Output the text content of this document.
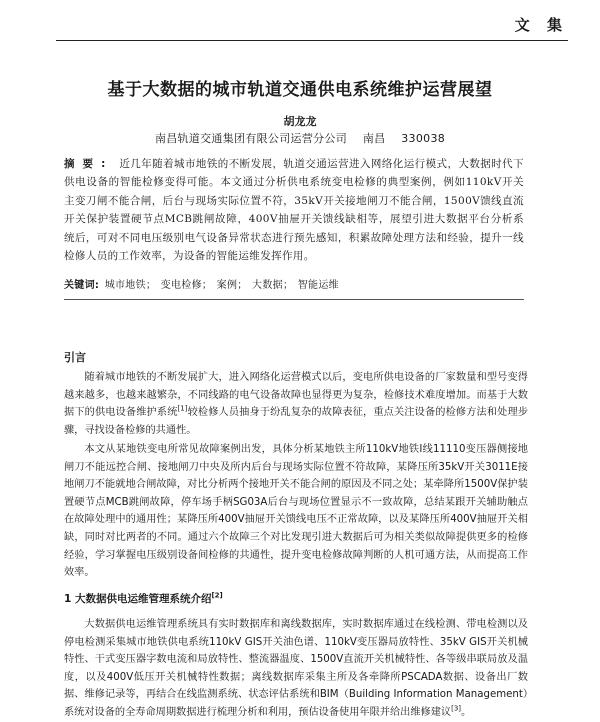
文 集
基于大数据的城市轨道交通供电系统维护运营展望
胡龙龙
南昌轨道交通集团有限公司运营分公司 南昌 330038
摘要: 近几年随着城市地铁的不断发展，轨道交通运营进入网络化运行模式，大数据时代下供电设备的智能检修变得可能。本文通过分析供电系统变电检修的典型案例，例如110kV开关主变刀闸不能合闸，后台与现场实际位置不符，35kV开关接地闸刀不能合闸，1500V馈线直流开关保护装置硬节点MCB跳闸故障，400V抽屉开关馈线缺相等，展望引进大数据平台分析系统后，可对不同电压级别电气设备异常状态进行预先感知，积累故障处理方法和经验，提升一线检修人员的工作效率，为设备的智能运维发挥作用。
关键词: 城市地铁； 变电检修； 案例； 大数据； 智能运维
引言
随着城市地铁的不断发展扩大，进入网络化运营模式以后，变电所供电设备的厂家数量和型号变得越来越多，也越来越繁杂，不同线路的电气设备故障也显得更为复杂，检修技术难度增加。而基于大数据下的供电设备维护系统[1]较检修人员抽身于纷乱复杂的故障表征，重点关注设备的检修方法和处理步骤，寻找设备检修的共通性。
本文从某地铁变电所常见故障案例出发，具体分析某地铁主所110kV地铁Ⅰ线11110变压器侧接地闸刀不能远控合闸、接地闸刀中央及所内后台与现场实际位置不符故障，某降压所35kV开关3011E接地闸刀不能就地合闸故障，对比分析两个接地开关不能合闸的原因及不同之处；某牵降所1500V保护装置硬节点MCB跳闸故障，停车场手柄SG03A后台与现场位置显示不一致故障，总结某跟开关辅助触点在故障处理中的通用性；某降压所400V抽屉开关馈线电压不正常故障，以及某降压所400V抽屉开关相缺，同时对比两者的不同。通过六个故障三个对比发现引进大数据后可为相关类似故障提供更多的检修经验，学习掌握电压级别设备间检修的共通性，提升变电检修故障判断的人机可通方法，从而提高工作效率。
1 大数据供电运维管理系统介绍[2]
大数据供电运维管理系统具有实时数据库和离线数据库，实时数据库通过在线检测、带电检测以及停电检测采集城市地铁供电系统110kV GIS开关油色谱、110kV变压器局放特性、35kV GIS开关机械特性、干式变压器字数电流和局放特性、整流器温度、1500V直流开关机械特性、各等级串联局放及温度，以及400V低压开关机械特性数据；离线数据库采集主所及各牵降所PSCADA数据、设备出厂数据、维修记录等，再结合在线监测系统、状态评估系统和BIM（Building Information Management）系统对设备的全寿命周期数据进行梳理分析和利用，预估设备使用年限并给出维修建议[3]。
